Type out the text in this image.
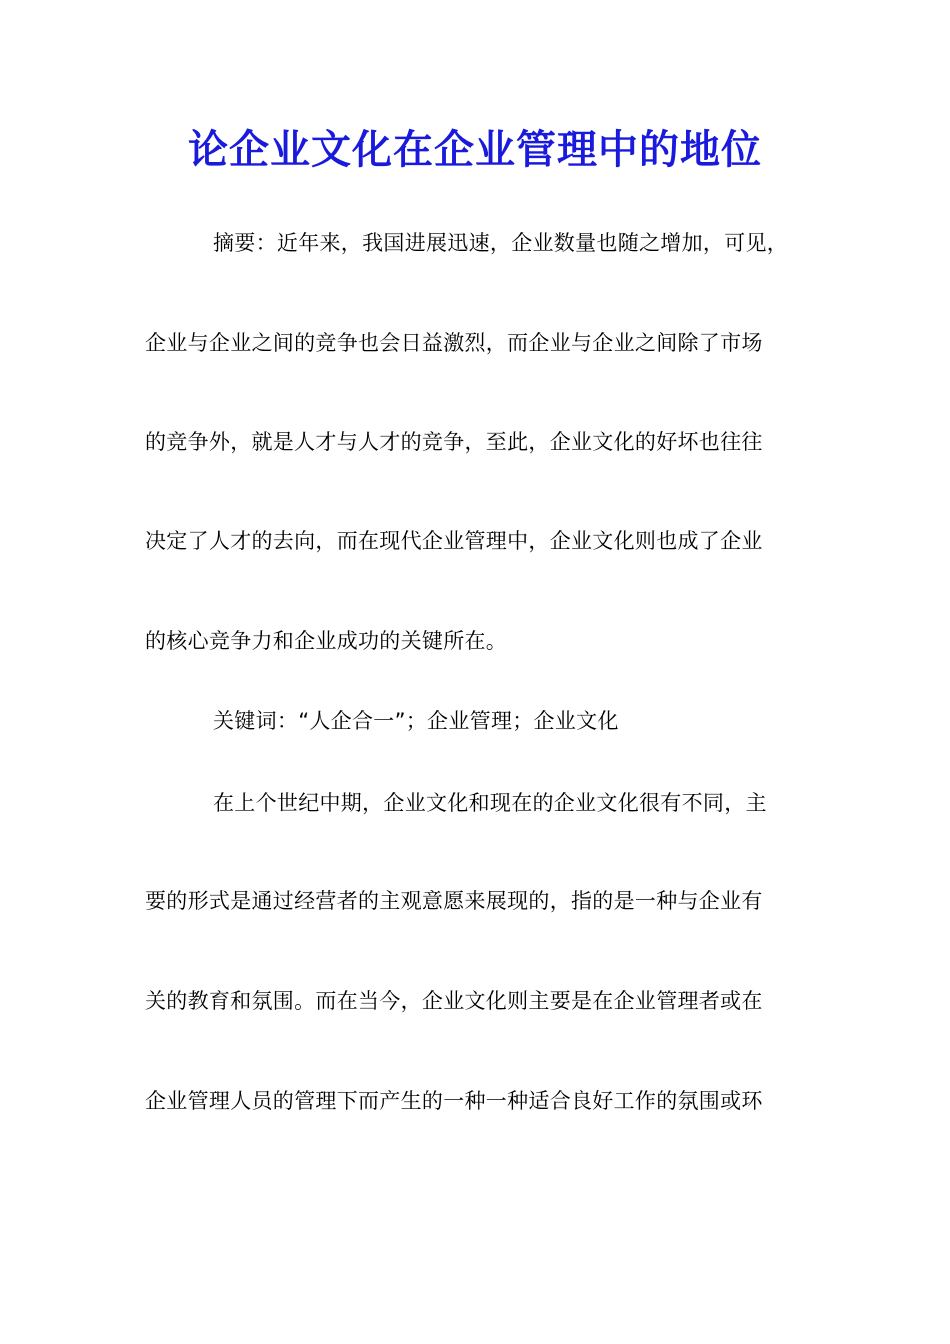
论企业文化在企业管理中的地位
摘要：近年来，我国进展迅速，企业数量也随之增加，可见，
企业与企业之间的竞争也会日益激烈，而企业与企业之间除了市场
的竞争外，就是人才与人才的竞争，至此，企业文化的好坏也往往
决定了人才的去向，而在现代企业管理中，企业文化则也成了企业
的核心竞争力和企业成功的关键所在。
关键词：“人企合一”；企业管理；企业文化
在上个世纪中期，企业文化和现在的企业文化很有不同，主
要的形式是通过经营者的主观意愿来展现的，指的是一种与企业有
关的教育和氛围。而在当今，企业文化则主要是在企业管理者或在
企业管理人员的管理下而产生的一种一种适合良好工作的氛围或环
